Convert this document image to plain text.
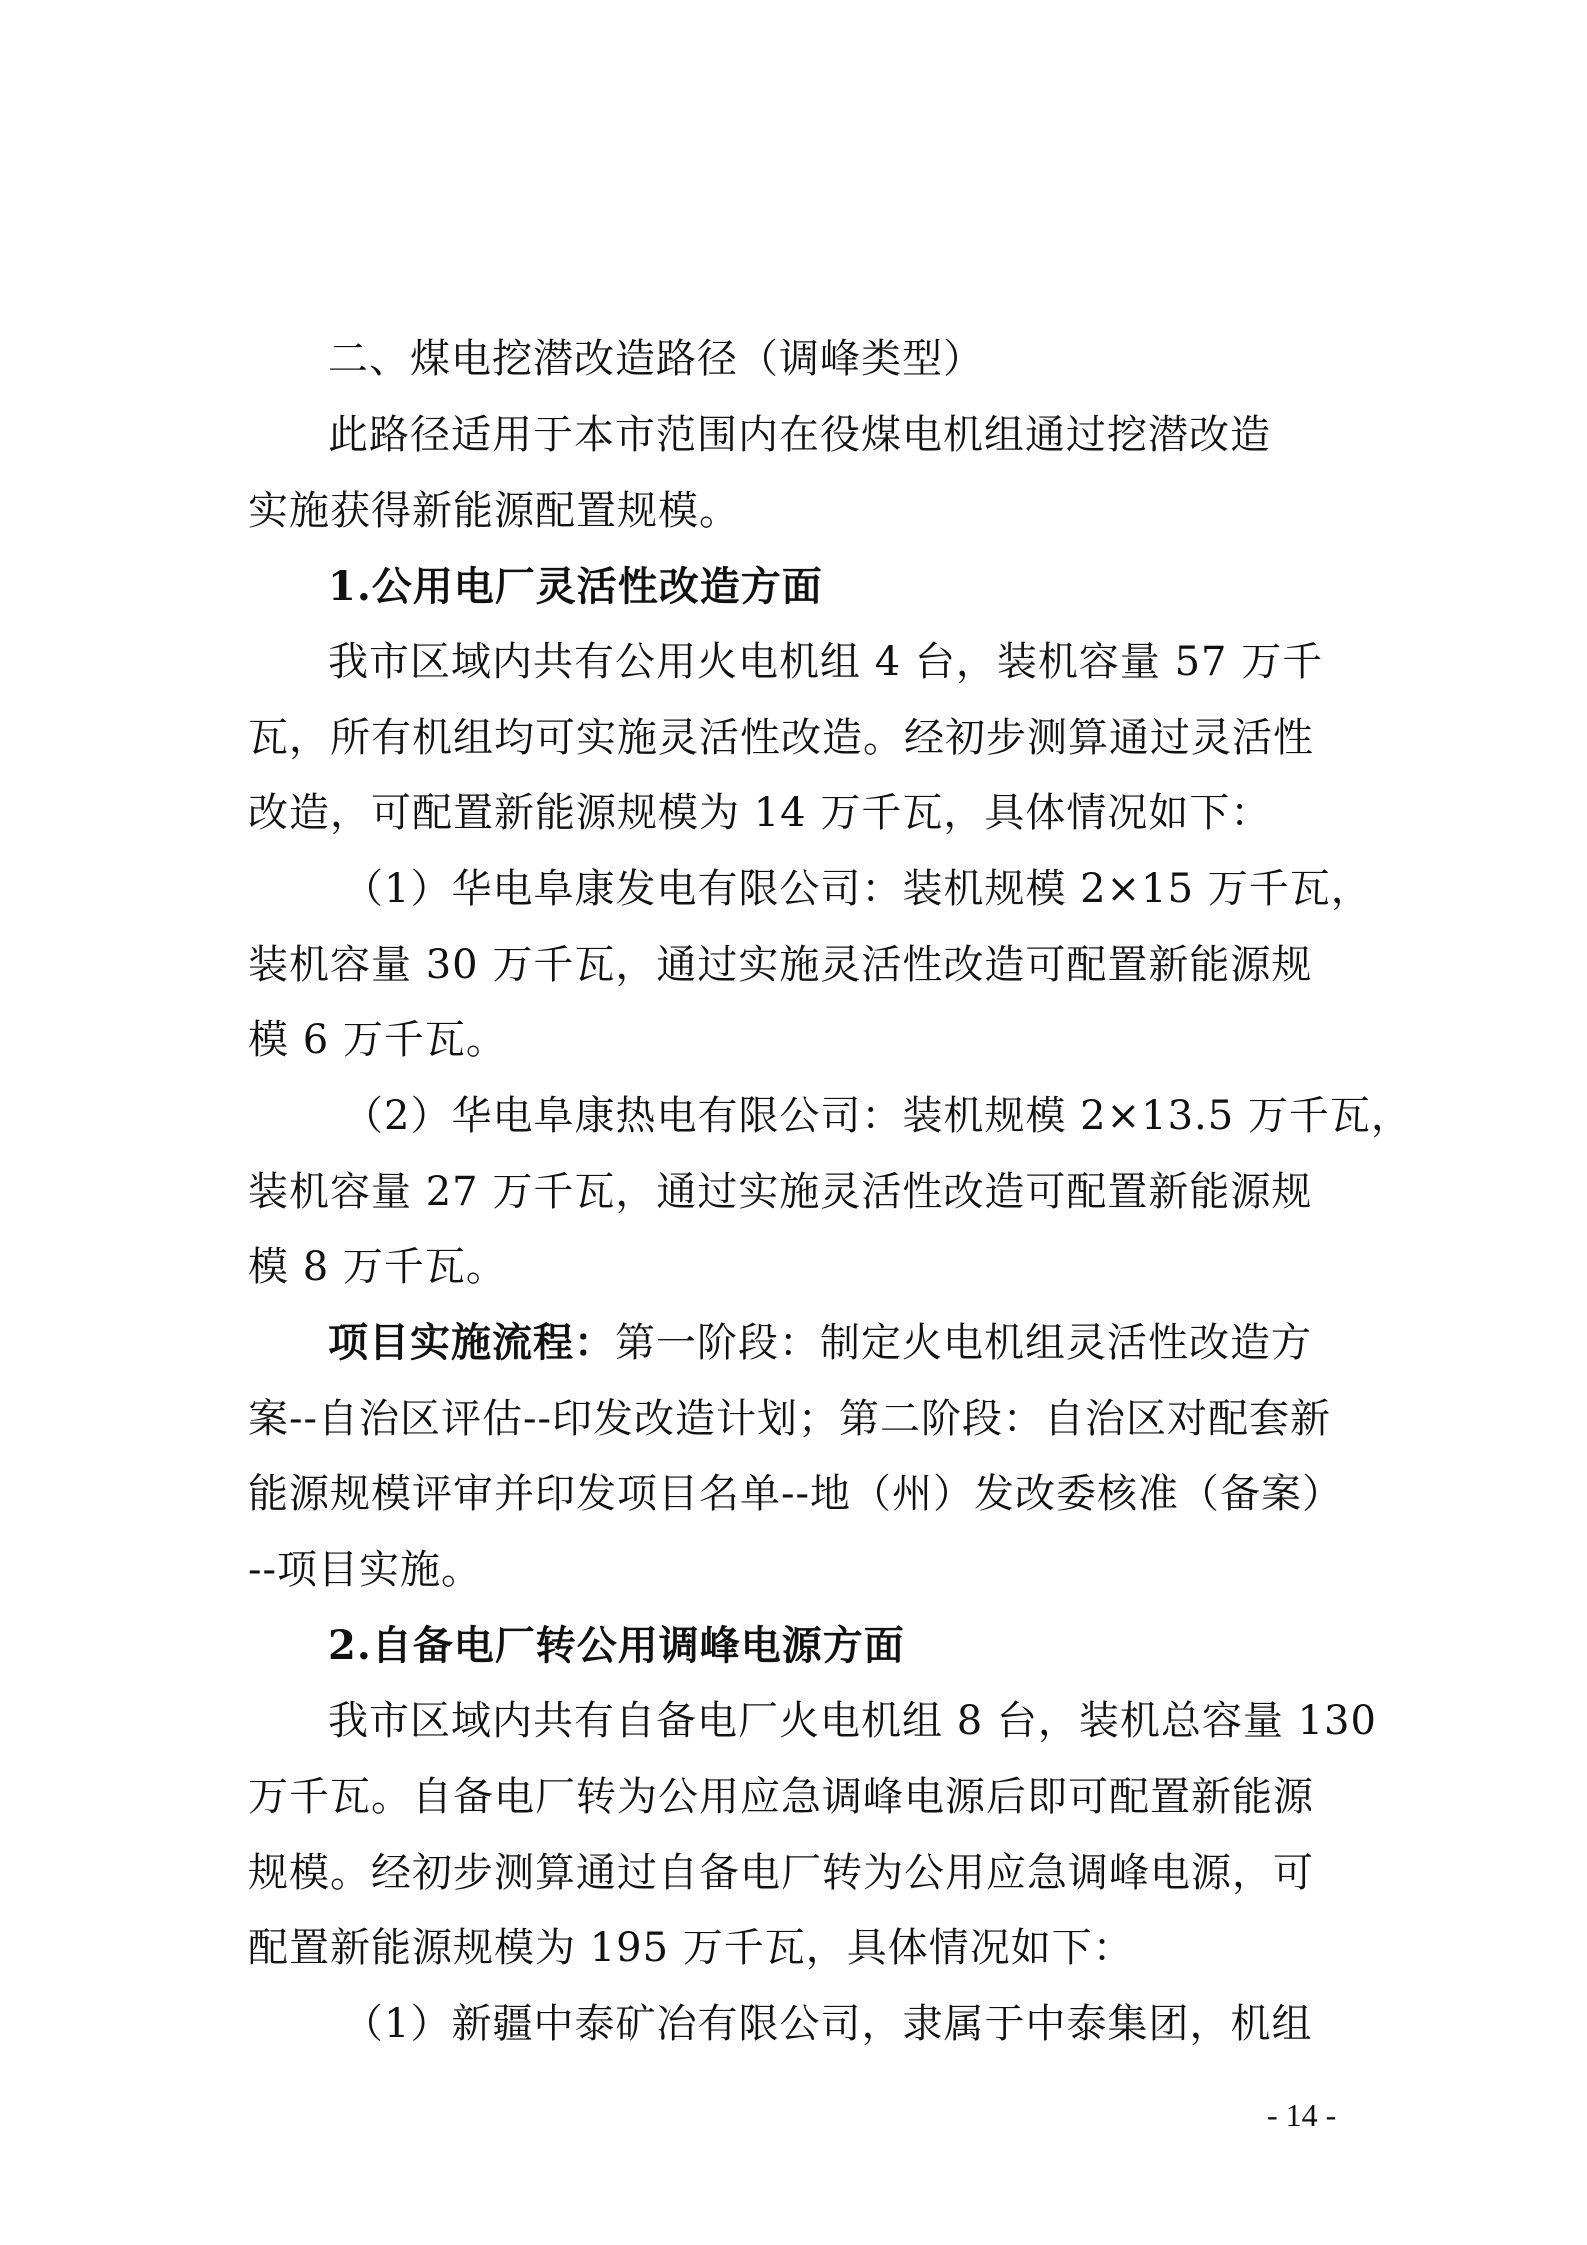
二、煤电挖潜改造路径（调峰类型）
此路径适用于本市范围内在役煤电机组通过挖潜改造
实施获得新能源配置规模。
1.公用电厂灵活性改造方面
我市区域内共有公用火电机组 4 台，装机容量 57 万千
瓦，所有机组均可实施灵活性改造。经初步测算通过灵活性
改造，可配置新能源规模为 14 万千瓦，具体情况如下：
（1）华电阜康发电有限公司：装机规模 2×15 万千瓦，
装机容量 30 万千瓦，通过实施灵活性改造可配置新能源规
模 6 万千瓦。
（2）华电阜康热电有限公司：装机规模 2×13.5 万千瓦，
装机容量 27 万千瓦，通过实施灵活性改造可配置新能源规
模 8 万千瓦。
项目实施流程：第一阶段：制定火电机组灵活性改造方
案--自治区评估--印发改造计划；第二阶段：自治区对配套新
能源规模评审并印发项目名单--地（州）发改委核准（备案）
--项目实施。
2.自备电厂转公用调峰电源方面
我市区域内共有自备电厂火电机组 8 台，装机总容量 130
万千瓦。自备电厂转为公用应急调峰电源后即可配置新能源
规模。经初步测算通过自备电厂转为公用应急调峰电源，可
配置新能源规模为 195 万千瓦，具体情况如下：
（1）新疆中泰矿冶有限公司，隶属于中泰集团，机组
- 14 -
